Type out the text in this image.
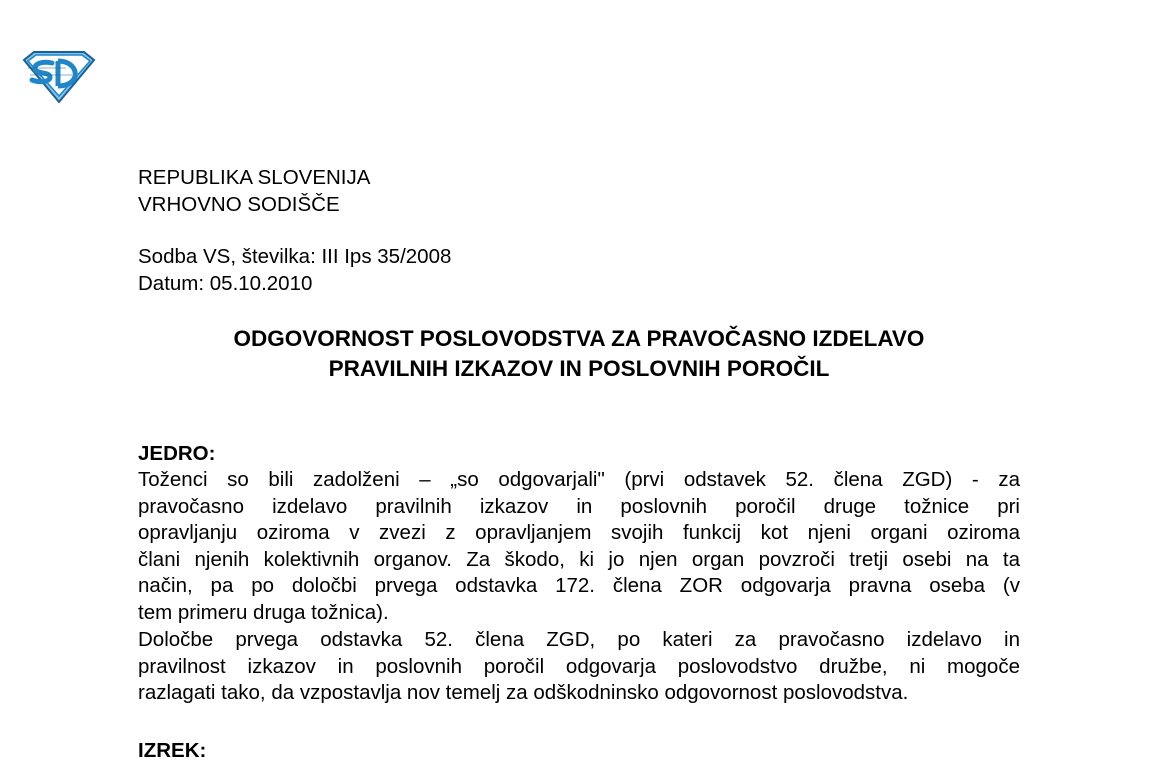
REPUBLIKA SLOVENIJA

VRHOVNO SODIŠČE

Sodba VS, številka: III Ips 35/2008

Datum: 05.10.2010

ODGOVORNOST POSLOVODSTVA ZA PRAVOČASNO IZDELAVO
PRAVILNIH IZKAZOV IN POSLOVNIH POROČIL

JEDRO:

Toženci so bili zadolženi – „so odgovarjali" (prvi odstavek 52. člena ZGD) - za
pravočasno izdelavo pravilnih izkazov in poslovnih poročil druge tožnice pri
opravljanju oziroma v zvezi z opravljanjem svojih funkcij kot njeni organi oziroma
člani njenih kolektivnih organov. Za škodo, ki jo njen organ povzroči tretji osebi na ta
način, pa po določbi prvega odstavka 172. člena ZOR odgovarja pravna oseba (v
tem primeru druga tožnica).
Določbe prvega odstavka 52. člena ZGD, po kateri za pravočasno izdelavo in
pravilnost izkazov in poslovnih poročil odgovarja poslovodstvo družbe, ni mogoče
razlagati tako, da vzpostavlja nov temelj za odškodninsko odgovornost poslovodstva.
IZREK:
